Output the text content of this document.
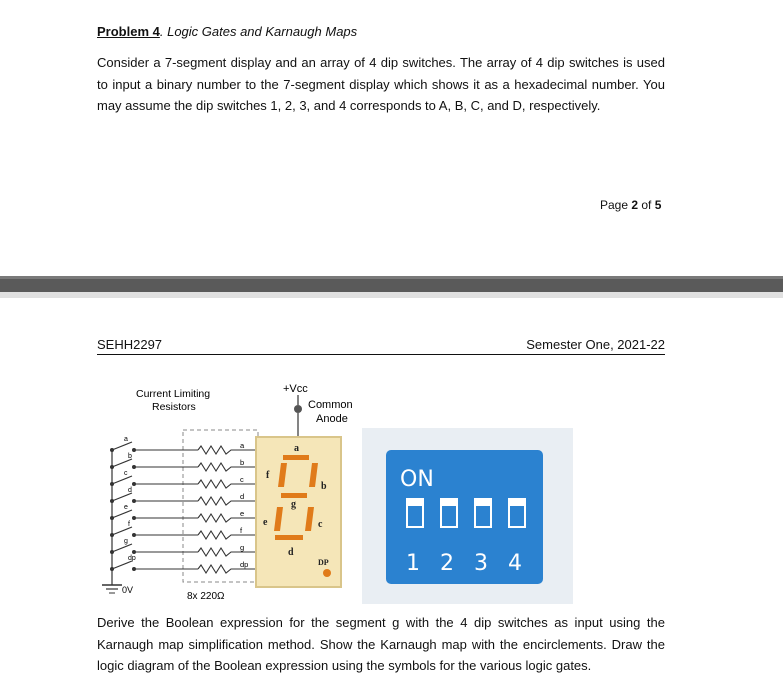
Problem 4. Logic Gates and Karnaugh Maps
Consider a 7-segment display and an array of 4 dip switches. The array of 4 dip switches is used to input a binary number to the 7-segment display which shows it as a hexadecimal number. You may assume the dip switches 1, 2, 3, and 4 corresponds to A, B, C, and D, respectively.
Page 2 of 5
SEHH2297	Semester One, 2021-22
Current Limiting
Resistors
+Vcc
Common
Anode
0V
a
a
b
b
c
c
d
d
e
e
f
f
g
g
dp
dp
8x 220Ω
a
b
c
d
e
f
g
DP
ON
1 2 3 4
Derive the Boolean expression for the segment g with the 4 dip switches as input using the Karnaugh map simplification method. Show the Karnaugh map with the encirclements. Draw the logic diagram of the Boolean expression using the symbols for the various logic gates.
